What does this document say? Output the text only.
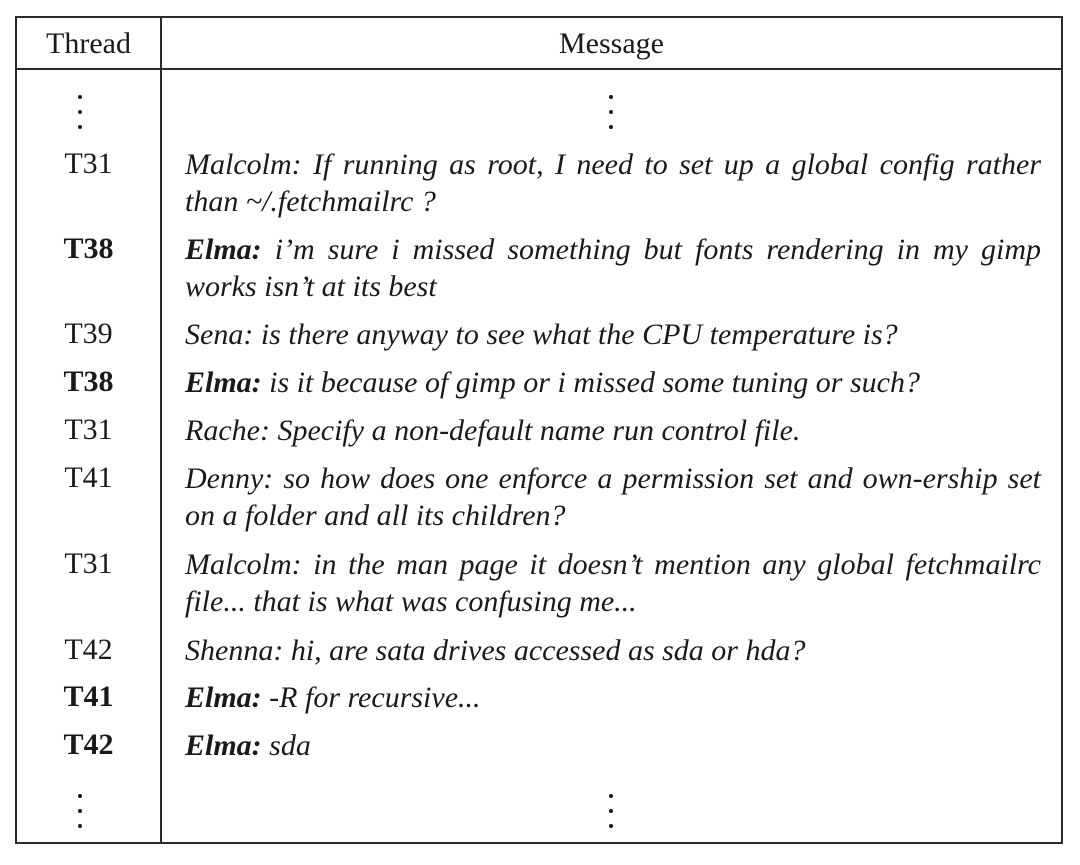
Thread	Message
T31	Malcolm: If running as root, I need to set up a global config rather than ~/.fetchmailrc ?
T38	Elma: i’m sure i missed something but fonts rendering in my gimp works isn’t at its best
T39	Sena: is there anyway to see what the CPU temperature is?
T38	Elma: is it because of gimp or i missed some tuning or such?
T31	Rache: Specify a non-default name run control file.
T41	Denny: so how does one enforce a permission set and own-ership set on a folder and all its children?
T31	Malcolm: in the man page it doesn’t mention any global fetchmailrc file... that is what was confusing me...
T42	Shenna: hi, are sata drives accessed as sda or hda?
T41	Elma: -R for recursive...
T42	Elma: sda
